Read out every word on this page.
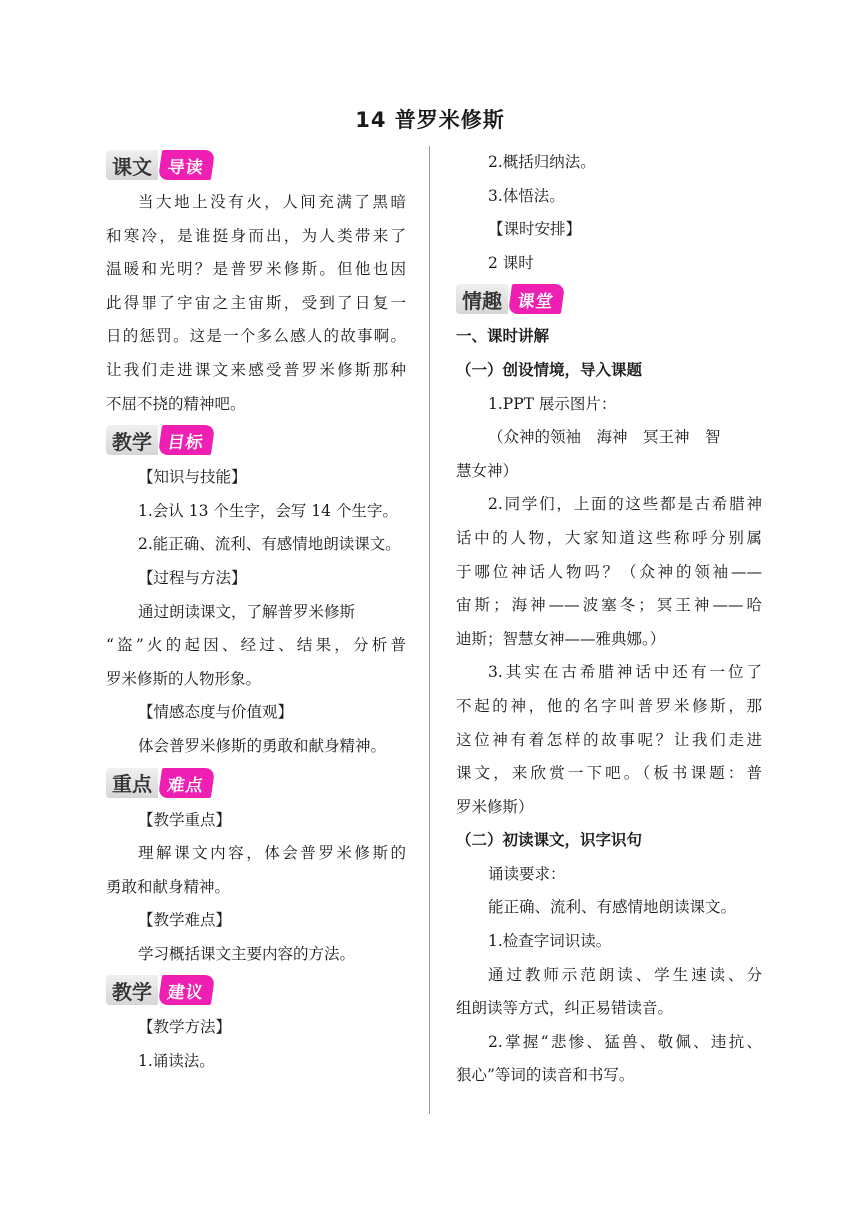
14 普罗米修斯
课文 导读
当大地上没有火，人间充满了黑暗
和寒冷，是谁挺身而出，为人类带来了
温暖和光明？是普罗米修斯。但他也因
此得罪了宇宙之主宙斯，受到了日复一
日的惩罚。这是一个多么感人的故事啊。
让我们走进课文来感受普罗米修斯那种
不屈不挠的精神吧。
教学 目标
【知识与技能】
1.会认 13 个生字，会写 14 个生字。
2.能正确、流利、有感情地朗读课文。
【过程与方法】
通过朗读课文，了解普罗米修斯
“盗”火的起因、经过、结果，分析普
罗米修斯的人物形象。
【情感态度与价值观】
体会普罗米修斯的勇敢和献身精神。
重点 难点
【教学重点】
理解课文内容，体会普罗米修斯的
勇敢和献身精神。
【教学难点】
学习概括课文主要内容的方法。
教学 建议
【教学方法】
1.诵读法。
2.概括归纳法。
3.体悟法。
【课时安排】
2 课时
情趣 课堂
一、课时讲解
（一）创设情境，导入课题
1.PPT 展示图片：
（众神的领袖　海神　冥王神　智
慧女神）
2.同学们，上面的这些都是古希腊神
话中的人物，大家知道这些称呼分别属
于哪位神话人物吗？（众神的领袖——
宙斯；海神——波塞冬；冥王神——哈
迪斯；智慧女神——雅典娜。）
3.其实在古希腊神话中还有一位了
不起的神，他的名字叫普罗米修斯，那
这位神有着怎样的故事呢？让我们走进
课文，来欣赏一下吧。（板书课题：普
罗米修斯）
（二）初读课文，识字识句
诵读要求：
能正确、流利、有感情地朗读课文。
1.检查字词识读。
通过教师示范朗读、学生速读、分
组朗读等方式，纠正易错读音。
2.掌握“悲惨、猛兽、敬佩、违抗、
狠心”等词的读音和书写。
